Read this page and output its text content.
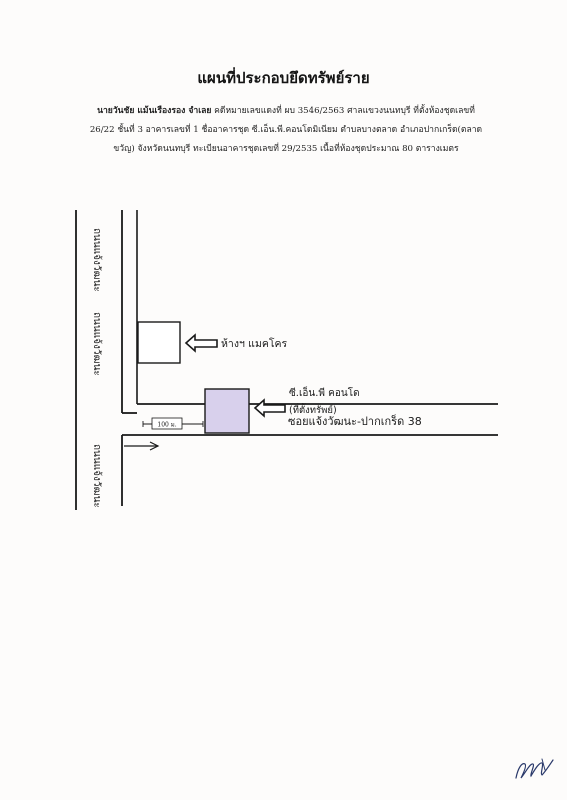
แผนที่ประกอบยึดทรัพย์ราย
นายวันชัย แม้นเรืองรอง จำเลย คดีหมายเลขแดงที่ ผบ 3546/2563 ศาลแขวงนนทบุรี ที่ตั้งห้องชุดเลขที่
26/22 ชั้นที่ 3 อาคารเลขที่ 1 ชื่ออาคารชุด ซี.เอ็น.พี.คอนโดมิเนียม ตำบลบางตลาด อำเภอปากเกร็ด(ตลาด
ขวัญ) จังหวัดนนทบุรี ทะเบียนอาคารชุดเลขที่ 29/2535 เนื้อที่ห้องชุดประมาณ 80 ตารางเมตร
ห้างฯ แมคโคร
ซี.เอ็น.พี คอนโด
(ที่ตั้งทรัพย์)
100 ม.	ซอยแจ้งวัฒนะ-ปากเกร็ด 38
ถนนแจ้งวัฒนะ
ถนนแจ้งวัฒนะ
ถนนแจ้งวัฒนะ
